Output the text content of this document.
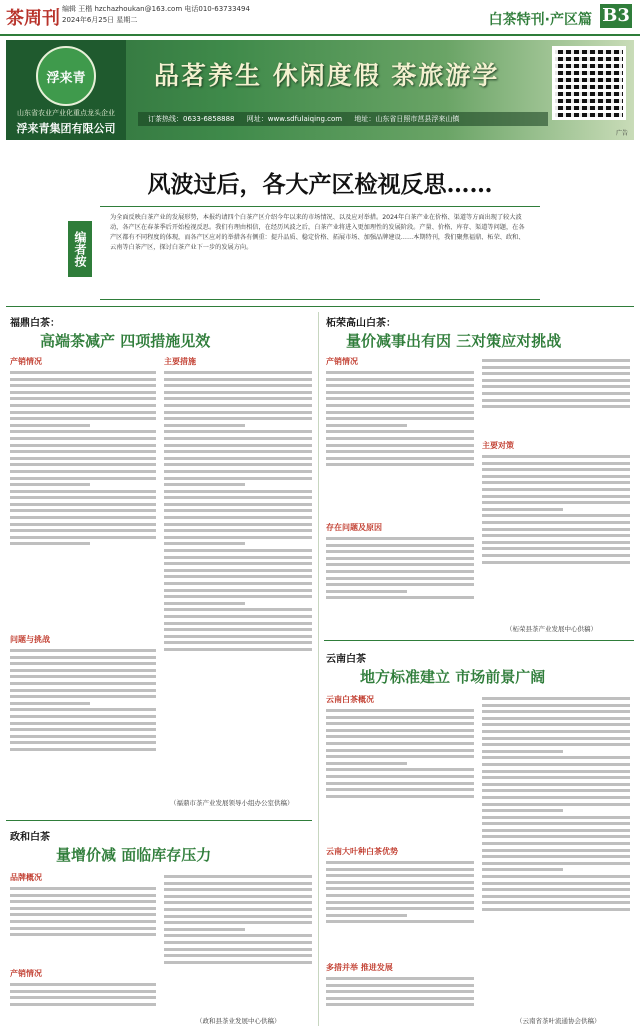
茶周刊 编辑 王楷 hzchazhoukan@163.com 电话010-63733494
2024年6月25日 星期二	白茶特刊·产区篇 B3
浮来青
山东省农业产业化重点龙头企业
浮来青集团有限公司
品茗养生 休闲度假 茶旅游学
订茶热线：0633-6858888 网址：www.sdfulaiqing.com 地址：山东省日照市莒县浮来山镇
广告
风波过后，各大产区检视反思……
编者按
为全面反映白茶产业的发展形势，本报约请四个白茶产区介绍今年以来的市场情况、以及应对举措。2024年白茶产业在价格、渠道等方面出现了较大波动，各产区在春茶季后开始检视反思。我们有理由相信，在经历风波之后，白茶产业将进入更加理性的发展阶段。产量、价格、库存、渠道等问题，在各产区都有不同程度的体现，而各产区应对的举措各有侧重：提升品质、稳定价格、拓展市场、加强品牌建设……本期特刊，我们聚焦福鼎、柘荣、政和、云南等白茶产区，探讨白茶产业下一步的发展方向。
福鼎白茶：
高端茶减产 四项措施见效
产销情况
问题与挑战
主要措施
（福鼎市茶产业发展领导小组办公室供稿）
柘荣高山白茶：
量价减事出有因 三对策应对挑战
产销情况
存在问题及原因
主要对策
（柘荣县茶产业发展中心供稿）
政和白茶
量增价减 面临库存压力
品牌概况
产销情况
（政和县茶业发展中心供稿）
云南白茶
地方标准建立 市场前景广阔
云南白茶概况
云南大叶种白茶优势
多措并举 推进发展
（云南省茶叶流通协会供稿）
